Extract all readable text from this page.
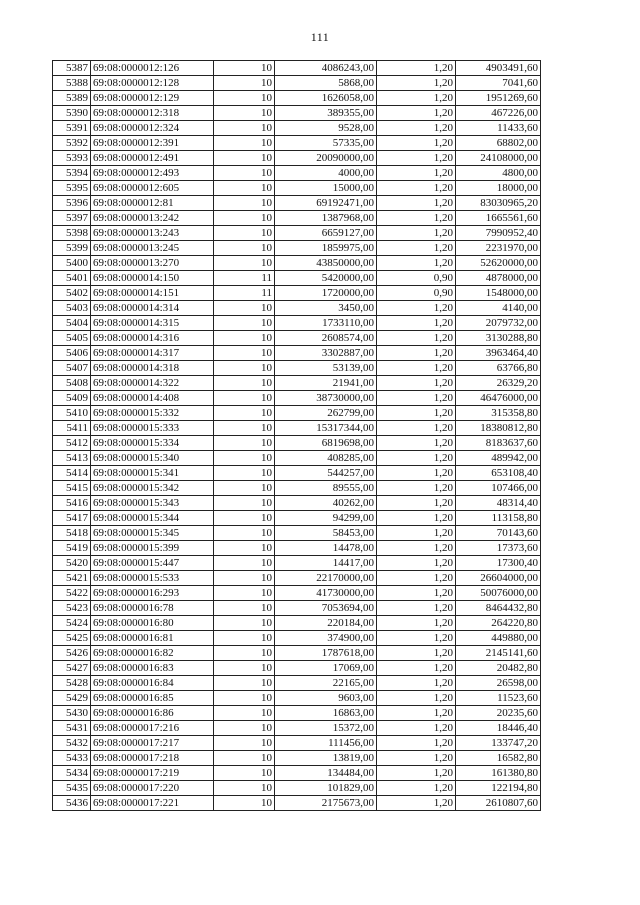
111
5387	69:08:0000012:126	10	4086243,00	1,20	4903491,60
5388	69:08:0000012:128	10	5868,00	1,20	7041,60
5389	69:08:0000012:129	10	1626058,00	1,20	1951269,60
5390	69:08:0000012:318	10	389355,00	1,20	467226,00
5391	69:08:0000012:324	10	9528,00	1,20	11433,60
5392	69:08:0000012:391	10	57335,00	1,20	68802,00
5393	69:08:0000012:491	10	20090000,00	1,20	24108000,00
5394	69:08:0000012:493	10	4000,00	1,20	4800,00
5395	69:08:0000012:605	10	15000,00	1,20	18000,00
5396	69:08:0000012:81	10	69192471,00	1,20	83030965,20
5397	69:08:0000013:242	10	1387968,00	1,20	1665561,60
5398	69:08:0000013:243	10	6659127,00	1,20	7990952,40
5399	69:08:0000013:245	10	1859975,00	1,20	2231970,00
5400	69:08:0000013:270	10	43850000,00	1,20	52620000,00
5401	69:08:0000014:150	11	5420000,00	0,90	4878000,00
5402	69:08:0000014:151	11	1720000,00	0,90	1548000,00
5403	69:08:0000014:314	10	3450,00	1,20	4140,00
5404	69:08:0000014:315	10	1733110,00	1,20	2079732,00
5405	69:08:0000014:316	10	2608574,00	1,20	3130288,80
5406	69:08:0000014:317	10	3302887,00	1,20	3963464,40
5407	69:08:0000014:318	10	53139,00	1,20	63766,80
5408	69:08:0000014:322	10	21941,00	1,20	26329,20
5409	69:08:0000014:408	10	38730000,00	1,20	46476000,00
5410	69:08:0000015:332	10	262799,00	1,20	315358,80
5411	69:08:0000015:333	10	15317344,00	1,20	18380812,80
5412	69:08:0000015:334	10	6819698,00	1,20	8183637,60
5413	69:08:0000015:340	10	408285,00	1,20	489942,00
5414	69:08:0000015:341	10	544257,00	1,20	653108,40
5415	69:08:0000015:342	10	89555,00	1,20	107466,00
5416	69:08:0000015:343	10	40262,00	1,20	48314,40
5417	69:08:0000015:344	10	94299,00	1,20	113158,80
5418	69:08:0000015:345	10	58453,00	1,20	70143,60
5419	69:08:0000015:399	10	14478,00	1,20	17373,60
5420	69:08:0000015:447	10	14417,00	1,20	17300,40
5421	69:08:0000015:533	10	22170000,00	1,20	26604000,00
5422	69:08:0000016:293	10	41730000,00	1,20	50076000,00
5423	69:08:0000016:78	10	7053694,00	1,20	8464432,80
5424	69:08:0000016:80	10	220184,00	1,20	264220,80
5425	69:08:0000016:81	10	374900,00	1,20	449880,00
5426	69:08:0000016:82	10	1787618,00	1,20	2145141,60
5427	69:08:0000016:83	10	17069,00	1,20	20482,80
5428	69:08:0000016:84	10	22165,00	1,20	26598,00
5429	69:08:0000016:85	10	9603,00	1,20	11523,60
5430	69:08:0000016:86	10	16863,00	1,20	20235,60
5431	69:08:0000017:216	10	15372,00	1,20	18446,40
5432	69:08:0000017:217	10	111456,00	1,20	133747,20
5433	69:08:0000017:218	10	13819,00	1,20	16582,80
5434	69:08:0000017:219	10	134484,00	1,20	161380,80
5435	69:08:0000017:220	10	101829,00	1,20	122194,80
5436	69:08:0000017:221	10	2175673,00	1,20	2610807,60
